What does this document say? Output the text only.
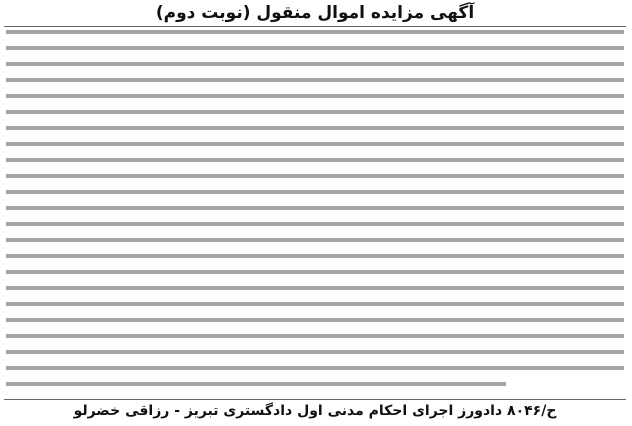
آگهی مزایده اموال منقول (نوبت دوم)
ح/۸۰۴۶ دادورز اجرای احکام مدنی اول دادگستری تبریز - رزاقی خضرلو
